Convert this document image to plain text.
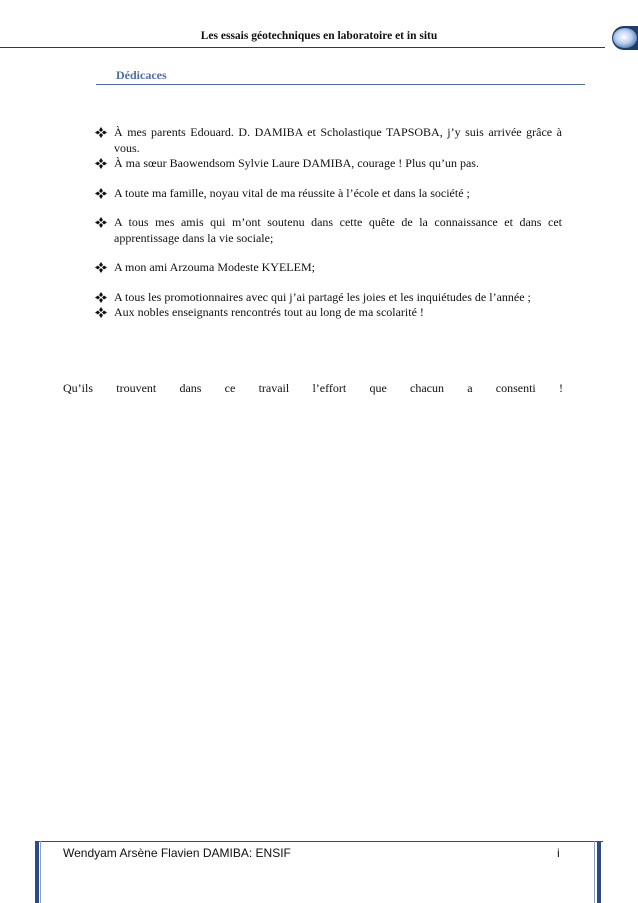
Les essais géotechniques en laboratoire et in situ
Dédicaces
À mes parents Edouard. D. DAMIBA et Scholastique TAPSOBA, j’y suis arrivée grâce à vous.
À ma sœur Baowendsom Sylvie Laure DAMIBA, courage ! Plus qu’un pas.
A toute ma famille, noyau vital de ma réussite à l’école et dans la société ;
A tous mes amis qui m’ont soutenu dans cette quête de la connaissance et dans cet apprentissage dans la vie sociale;
A mon ami Arzouma Modeste KYELEM;
A tous les promotionnaires avec qui j’ai partagé les joies et les inquiétudes de l’année ;
Aux nobles enseignants rencontrés tout au long de ma scolarité !
Qu’ils trouvent dans ce travail l’effort que chacun a consenti !
Wendyam Arsène Flavien DAMIBA: ENSIF	i
